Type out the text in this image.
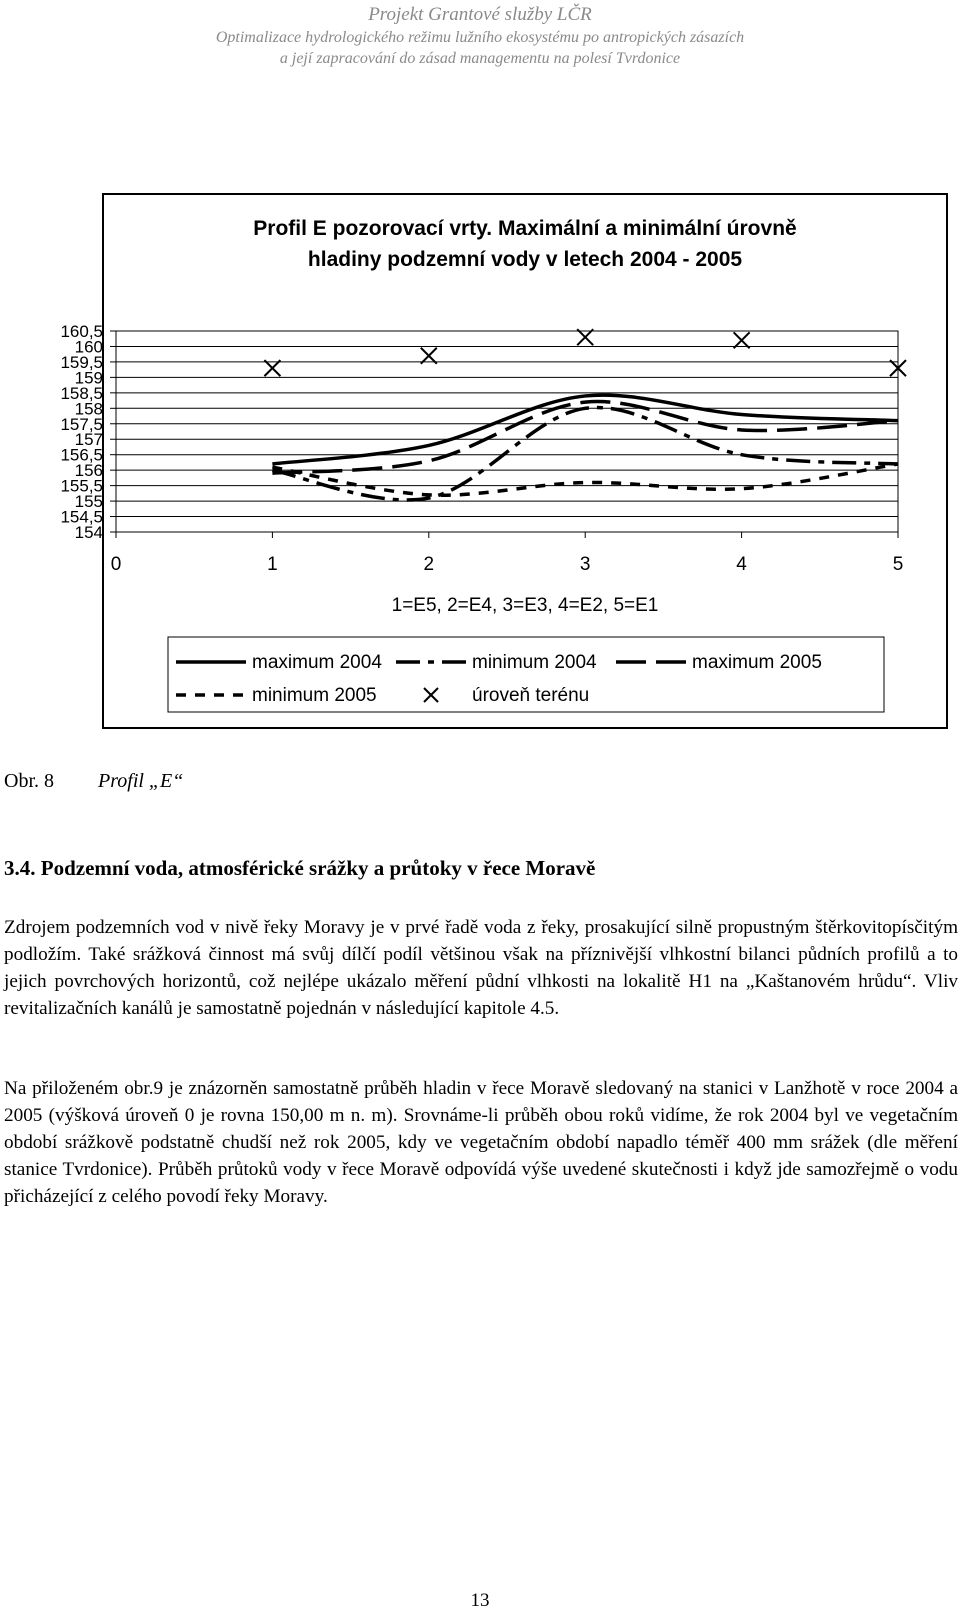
Projekt Grantové služby LČR
Optimalizace hydrologického režimu lužního ekosystému po antropických zásazích
a její zapracování do zásad managementu na polesí Tvrdonice
154
154,5
155
155,5
156
156,5
157
157,5
158
158,5
159
159,5
160
160,5
0	1	2	3	4	5
1=E5, 2=E4, 3=E3, 4=E2, 5=E1
Profil E pozorovací vrty. Maximální a minimální úrovně
hladiny podzemní vody v letech 2004 - 2005
maximum 2004	minimum 2004	maximum 2005
minimum 2005	úroveň terénu
Obr. 8 Profil „E“
3.4. Podzemní voda, atmosférické srážky a průtoky v řece Moravě

Zdrojem podzemních vod v nivě řeky Moravy je v prvé řadě voda z řeky, prosakující silně propustným štěrkovitopísčitým podložím. Také srážková činnost má svůj dílčí podíl většinou však na příznivější vlhkostní bilanci půdních profilů a to jejich povrchových horizontů, což nejlépe ukázalo měření půdní vlhkosti na lokalitě H1 na „Kaštanovém hrůdu“. Vliv revitalizačních kanálů je samostatně pojednán v následující kapitole 4.5.

Na přiloženém obr.9 je znázorněn samostatně průběh hladin v řece Moravě sledovaný na stanici v Lanžhotě v roce 2004 a 2005 (výšková úroveň 0 je rovna 150,00 m n. m). Srovnáme-li průběh obou roků vidíme, že rok 2004 byl ve vegetačním období srážkově podstatně chudší než rok 2005, kdy ve vegetačním období napadlo téměř 400 mm srážek (dle měření stanice Tvrdonice). Průběh průtoků vody v řece Moravě odpovídá výše uvedené skutečnosti i když jde samozřejmě o vodu přicházející z celého povodí řeky Moravy.

13
